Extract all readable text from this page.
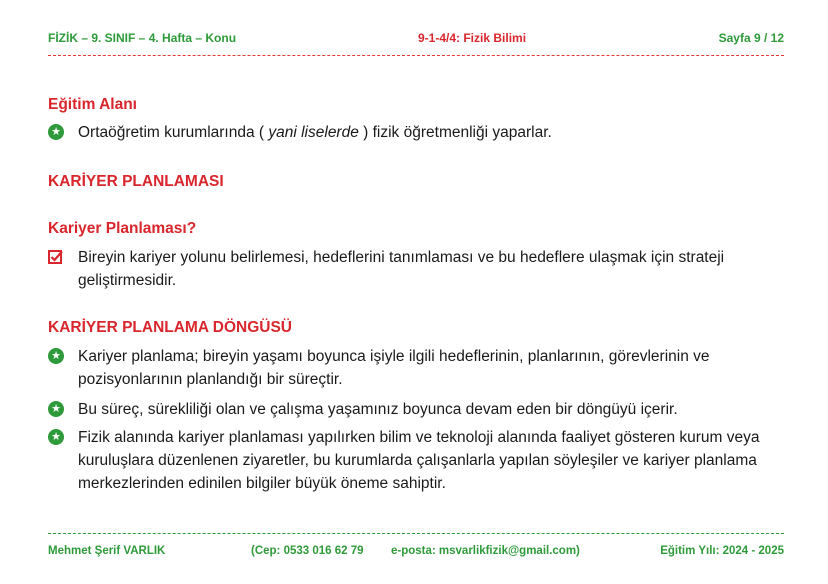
FİZİK – 9. SINIF – 4. Hafta – Konu	9-1-4/4: Fizik Bilimi	Sayfa 9 / 12
Eğitim Alanı
★	Ortaöğretim kurumlarında ( yani liselerde ) fizik öğretmenliği yaparlar.
KARİYER PLANLAMASI
Kariyer Planlaması?
Bireyin kariyer yolunu belirlemesi, hedeflerini tanımlaması ve bu hedeflere ulaşmak için strateji geliştirmesidir.
KARİYER PLANLAMA DÖNGÜSÜ
★	Kariyer planlama; bireyin yaşamı boyunca işiyle ilgili hedeflerinin, planlarının, görevlerinin ve pozisyonlarının planlandığı bir süreçtir.
★	Bu süreç, sürekliliği olan ve çalışma yaşamınız boyunca devam eden bir döngüyü içerir.
★	Fizik alanında kariyer planlaması yapılırken bilim ve teknoloji alanında faaliyet gösteren kurum veya kuruluşlara düzenlenen ziyaretler, bu kurumlarda çalışanlarla yapılan söyleşiler ve kariyer planlama merkezlerinden edinilen bilgiler büyük öneme sahiptir.
Mehmet Şerif VARLIK	(Cep: 0533 016 62 79 e-posta: msvarlikfizik@gmail.com)	Eğitim Yılı: 2024 - 2025
